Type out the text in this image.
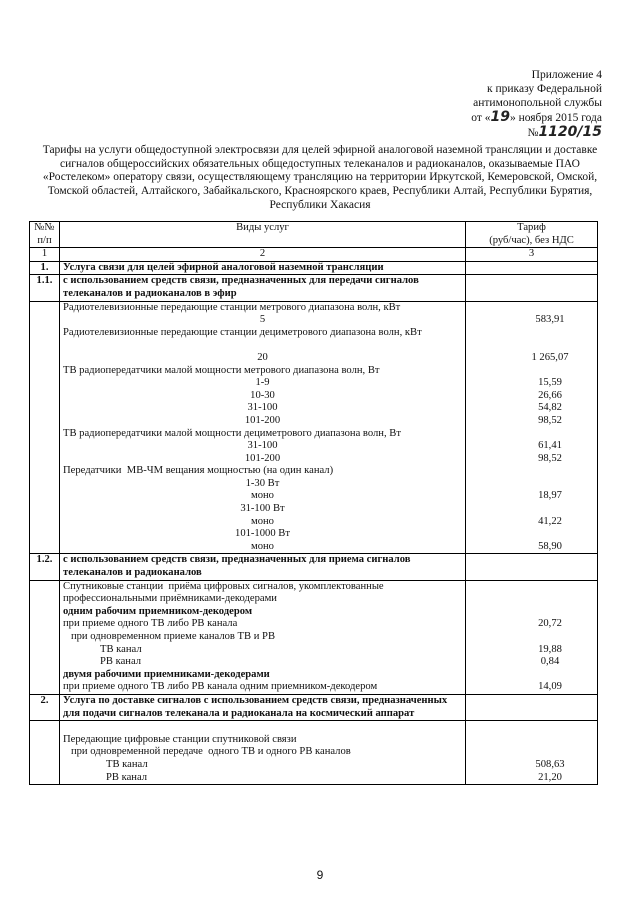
Приложение 4
к приказу Федеральной
антимонопольной службы
от «19» ноября 2015 года №1120/15
Тарифы на услуги общедоступной электросвязи для целей эфирной аналоговой наземной трансляции и доставке
сигналов общероссийских обязательных общедоступных телеканалов и радиоканалов, оказываемые ПАО
«Ростелеком» оператору связи, осуществляющему трансляцию на территории Иркутской, Кемеровской, Омской,
Томской областей, Алтайского, Забайкальского, Красноярского краев, Республики Алтай, Республики Бурятия,
Республики Хакасия
№№
п/п	Виды услуг	Тариф
(руб/час), без НДС
1	2	3
1.	Услуга связи для целей эфирной аналоговой наземной трансляции	
1.1.	с использованием средств связи, предназначенных для передачи сигналов телеканалов и радиоканалов в эфир	
	Радиотелевизионные передающие станции метрового диапазона волн, кВт	
	5	583,91
	Радиотелевизионные передающие станции дециметрового диапазона волн, кВт	

	20	1 265,07
	ТВ радиопередатчики малой мощности метрового диапазона волн, Вт	
	1-9	15,59
	10-30	26,66
	31-100	54,82
	101-200	98,52
	ТВ радиопередатчики малой мощности дециметрового диапазона волн, Вт	
	31-100	61,41
	101-200	98,52
	Передатчики  МВ-ЧМ вещания мощностью (на один канал)	
	1-30 Вт	
	моно	18,97
	31-100 Вт	
	моно	41,22
	101-1000 Вт	
	моно	58,90
1.2.	с использованием средств связи, предназначенных для приема сигналов телеканалов и радиоканалов	
	Спутниковые станции  приёма цифровых сигналов, укомплектованные	
	профессиональными приёмниками-декодерами	
	одним рабочим приемником-декодером	
	при приеме одного ТВ либо РВ канала	20,72
	при одновременном приеме каналов ТВ и РВ	
	ТВ канал	19,88
	РВ канал	0,84
	двумя рабочими приемниками-декодерами	
	при приеме одного ТВ либо РВ канала одним приемником-декодером	14,09
2.	Услуга по доставке сигналов с использованием средств связи, предназначенных для подачи сигналов телеканала и радиоканала на космический аппарат	

	Передающие цифровые станции спутниковой связи	
	при одновременной передаче  одного ТВ и одного РВ каналов	
	ТВ канал	508,63
	РВ канал	21,20
9
